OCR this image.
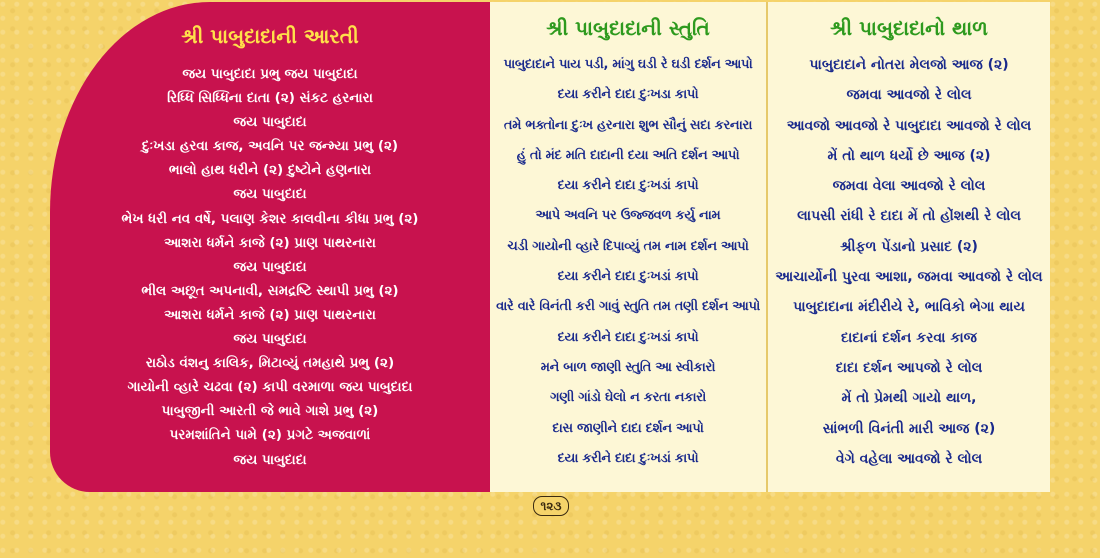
શ્રી પાબુદાદાની આરતી
જય પાબુદાદા પ્રભુ જય પાબુદાદા
રિધ્ધિ સિધ્ધિના દાતા (૨) સંકટ હરનારા
જય પાબુદાદા
દુઃખડા હરવા કાજ, અવનિ પર જન્મ્યા પ્રભુ (૨)
ભાલો હાથ ધરીને (૨) દુષ્ટોને હણનારા
જય પાબુદાદા
ભેખ ધરી નવ વર્ષે, પલાણ કેશર કાલવીના કીધા પ્રભુ (૨)
આશરા ધર્મને કાજે (૨) પ્રાણ પાથરનારા
જય પાબુદાદા
ભીલ અછૂત અપનાવી, સમદ્રષ્ટિ સ્થાપી પ્રભુ (૨)
આશરા ધર્મને કાજે (૨) પ્રાણ પાથરનારા
જય પાબુદાદા
રાઠોડ વંશનુ કાલિક, મિટાવ્યું તમહાથે પ્રભુ (૨)
ગાયોની વ્હારે ચઢવા (૨) કાપી વરમાળા જય પાબુદાદા
પાબુજીની આરતી જે ભાવે ગાશે પ્રભુ (૨)
પરમશાંતિને પામે (૨) પ્રગટે અજવાળાં
જય પાબુદાદા
શ્રી પાબુદાદાની સ્તુતિ
પાબુદાદાને પાય પડી, માંગુ ઘડી રે ઘડી દર્શન આપો
દયા કરીને દાદા દુઃખડા કાપો
તમે ભક્તોના દુઃખ હરનારા શુભ સૌનું સદા કરનારા
હું તો મંદ મતિ દાદાની દયા અતિ દર્શન આપો
દયા કરીને દાદા દુઃખડાં કાપો
આપે અવનિ પર ઉજ્જવળ કર્યુ નામ
ચડી ગાયોની વ્હારે દિપાવ્યું તમ નામ દર્શન આપો
દયા કરીને દાદા દુઃખડાં કાપો
વારે વારે વિનંતી કરી ગાવું સ્તુતિ તમ તણી દર્શન આપો
દયા કરીને દાદા દુઃખડાં કાપો
મને બાળ જાણી સ્તુતિ આ સ્વીકારો
ગણી ગાંડો ઘેલો ન કરતા નકારો
દાસ જાણીને દાદા દર્શન આપો
દયા કરીને દાદા દુઃખડાં કાપો
શ્રી પાબુદાદાનો થાળ
પાબુદાદાને નોતરા મેલજો આજ (૨)
જમવા આવજો રે લોલ
આવજો આવજો રે પાબુદાદા આવજો રે લોલ
મેં તો થાળ ધર્યો છે આજ (૨)
જમવા વેલા આવજો રે લોલ
લાપસી રાંધી રે દાદા મેં તો હોંશથી રે લોલ
શ્રીફળ પેંડાનો પ્રસાદ (૨)
આચાર્યોની પુરવા આશા, જમવા આવજો રે લોલ
પાબુદાદાના મંદીરીયે રે, ભાવિકો ભેગા થાય
દાદાનાં દર્શન કરવા કાજ
દાદા દર્શન આપજો રે લોલ
મેં તો પ્રેમથી ગાયો થાળ,
સાંભળી વિનંતી મારી આજ (૨)
વેગે વહેલા આવજો રે લોલ
૧૨૩
